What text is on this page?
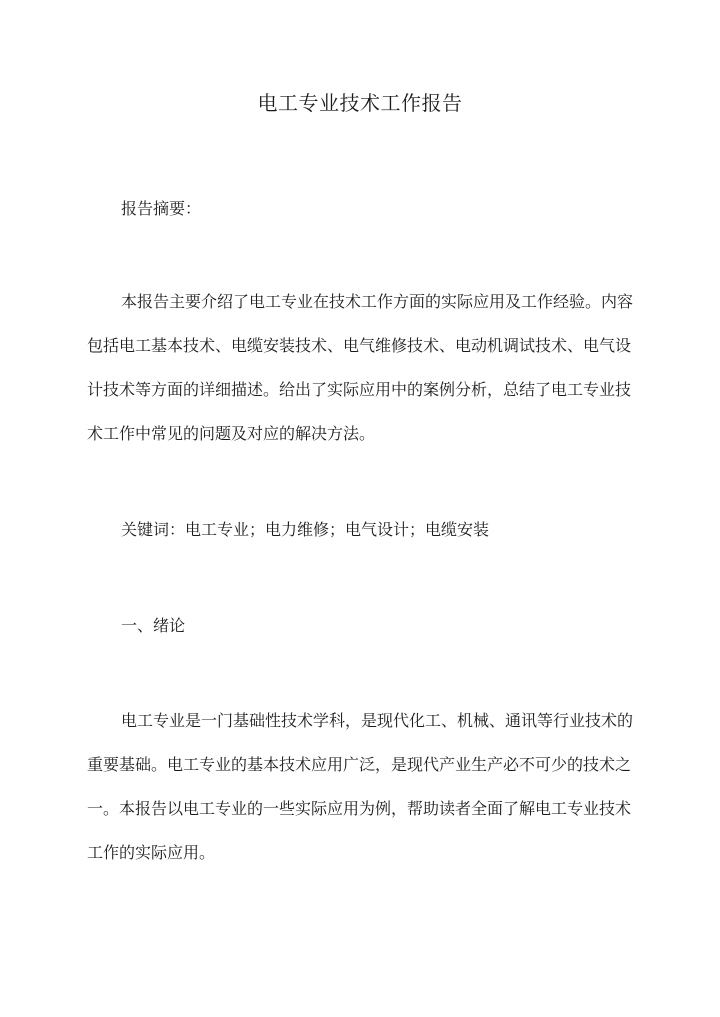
电工专业技术工作报告

报告摘要：

本报告主要介绍了电工专业在技术工作方面的实际应用及工作经验。内容包括电工基本技术、电缆安装技术、电气维修技术、电动机调试技术、电气设计技术等方面的详细描述。给出了实际应用中的案例分析，总结了电工专业技术工作中常见的问题及对应的解决方法。

关键词：电工专业；电力维修；电气设计；电缆安装

一、绪论

电工专业是一门基础性技术学科，是现代化工、机械、通讯等行业技术的重要基础。电工专业的基本技术应用广泛，是现代产业生产必不可少的技术之一。本报告以电工专业的一些实际应用为例，帮助读者全面了解电工专业技术工作的实际应用。
